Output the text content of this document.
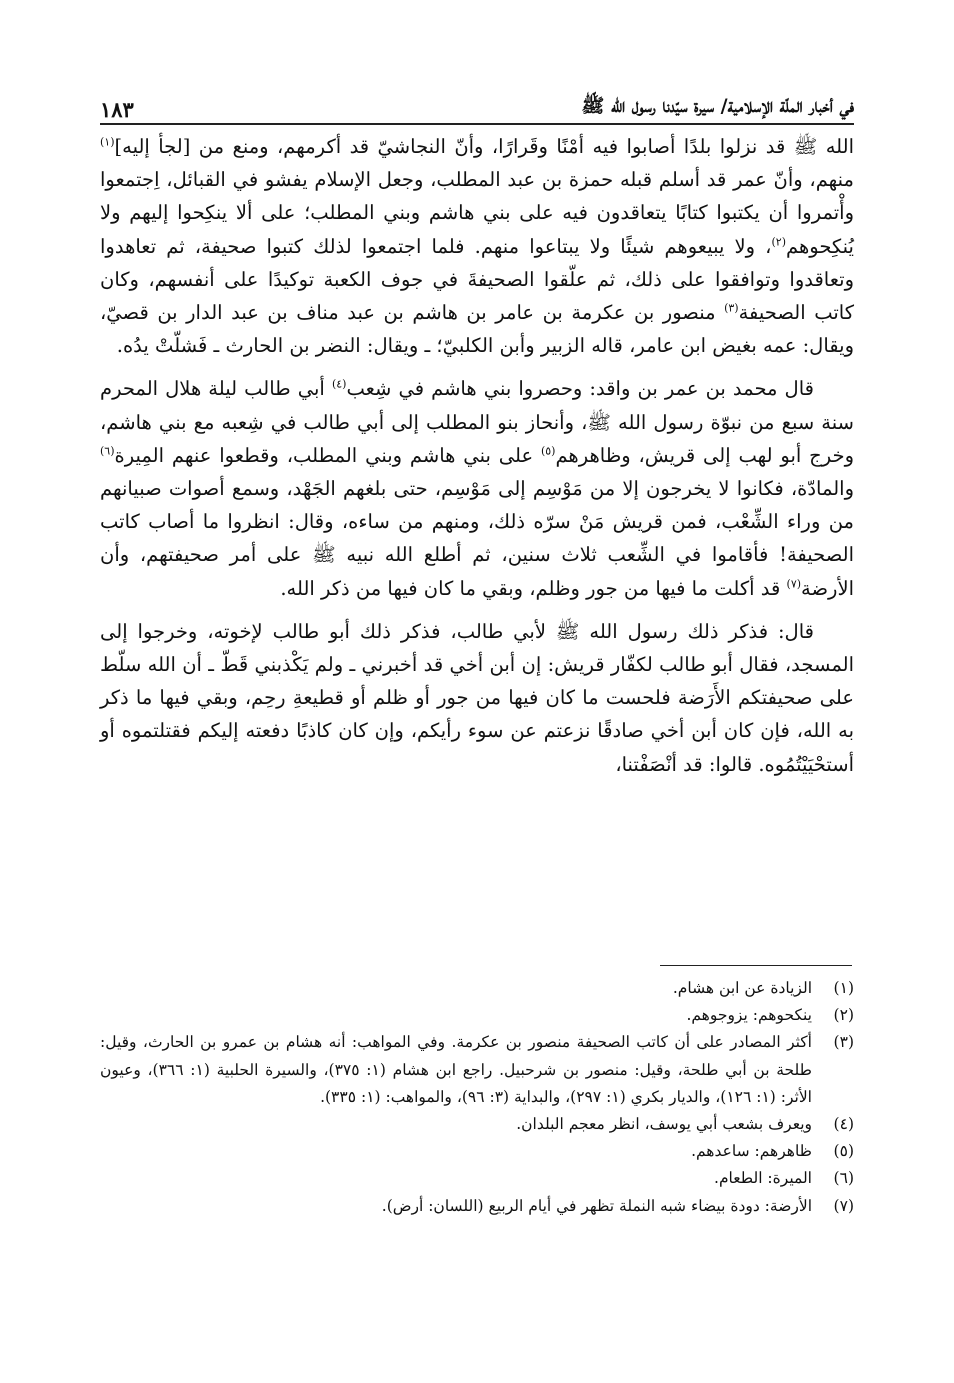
في أخبار الملّة الإسلامية/ سيرة سيّدنا رسول الله ﷺ
١٨٣

الله ﷺ قد نزلوا بلدًا أصابوا فيه أمْنًا وقَرارًا، وأنّ النجاشيّ قد أكرمهم، ومنع من [لجأ إليه]$^{(١)}$ منهم، وأنّ عمر قد أسلم قبله حمزة بن عبد المطلب، وجعل الإسلام يفشو في القبائل، اِجتمعوا وأْتمروا أن يكتبوا كتابًا يتعاقدون فيه على بني هاشم وبني المطلب؛ على ألا ينكِحوا إليهم ولا يُنكِحوهم$^{(٢)}$، ولا يبيعوهم شيئًا ولا يبتاعوا منهم. فلما اجتمعوا لذلك كتبوا صحيفة، ثم تعاهدوا وتعاقدوا وتوافقوا على ذلك، ثم علّقوا الصحيفةَ في جوف الكعبة توكيدًا على أنفسهم، وكان كاتب الصحيفة$^{(٣)}$ منصور بن عكرمة بن عامر بن هاشم بن عبد مناف بن عبد الدار بن قصيّ، ويقال: عمه بغيض ابن عامر، قاله الزبير وأبن الكلبيّ؛ ـ ويقال: النضر بن الحارث ـ فَشلّتْ يدُه.

قال محمد بن عمر بن واقد: وحصروا بني هاشم في شِعب$^{(٤)}$ أبي طالب ليلة هلال المحرم سنة سبع من نبوّة رسول الله ﷺ، وأنحاز بنو المطلب إلى أبي طالب في شِعبه مع بني هاشم، وخرج أبو لهب إلى قريش، وظاهرهم$^{(٥)}$ على بني هاشم وبني المطلب، وقطعوا عنهم المِيرة$^{(٦)}$ والمادّة، فكانوا لا يخرجون إلا من مَوْسِم إلى مَوْسِم، حتى بلغهم الجَهْد، وسمع أصوات صبيانهم من وراء الشِّعْب، فمن قريش مَنْ سرّه ذلك، ومنهم من ساءه، وقال: انظروا ما أصاب كاتب الصحيفة! فأقاموا في الشِّعب ثلاث سنين، ثم أطلع الله نبيه ﷺ على أمر صحيفتهم، وأن الأرضة$^{(٧)}$ قد أكلت ما فيها من جور وظلم، وبقي ما كان فيها من ذكر الله.

قال: فذكر ذلك رسول الله ﷺ لأبي طالب، فذكر ذلك أبو طالب لإخوته، وخرجوا إلى المسجد، فقال أبو طالب لكفّار قريش: إن أبن أخي قد أخبرني ـ ولم يَكْذبني قَطّ ـ أن الله سلّط على صحيفتكم الأَرَضة فلحست ما كان فيها من جور أو ظلم أو قطيعةِ رحِم، وبقي فيها ما ذكر به الله، فإن كان أبن أخي صادقًا نزعتم عن سوء رأيكم، وإن كان كاذبًا دفعته إليكم فقتلتموه أو أستحْيَيْتُمُوه. قالوا: قد أنْصَفْتنا،

(١)
الزيادة عن ابن هشام.
(٢)
ينكحوهم: يزوجوهم.
(٣)
أكثر المصادر على أن كاتب الصحيفة منصور بن عكرمة. وفي المواهب: أنه هشام بن عمرو بن الحارث، وقيل: طلحة بن أبي طلحة، وقيل: منصور بن شرحبيل. راجع ابن هشام (١: ٣٧٥)، والسيرة الحلبية (١: ٣٦٦)، وعيون الأثر: (١: ١٢٦)، والديار بكري (١: ٢٩٧)، والبداية (٣: ٩٦)، والمواهب: (١: ٣٣٥).
(٤)
ويعرف بشعب أبي يوسف، انظر معجم البلدان.
(٥)
ظاهرهم: ساعدهم.
(٦)
الميرة: الطعام.
(٧)
الأرضة: دودة بيضاء شبه النملة تظهر في أيام الربيع (اللسان: أرض).
